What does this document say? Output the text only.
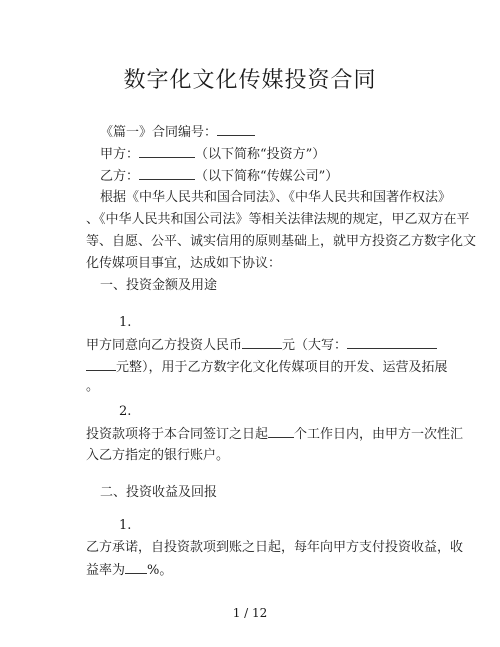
数字化文化传媒投资合同

《篇一》合同编号：

甲方：	（以下简称“投资方”）

乙方：	（以下简称“传媒公司”）

根据《中华人民共和国合同法》、《中华人民共和国著作权法》

、《中华人民共和国公司法》等相关法律法规的规定，甲乙双方在平

等、自愿、公平、诚实信用的原则基础上，就甲方投资乙方数字化文

化传媒项目事宜，达成如下协议：

一、投资金额及用途

1.

甲方同意向乙方投资人民币	元（大写：

元整），用于乙方数字化文化传媒项目的开发、运营及拓展

。

2.

投资款项将于本合同签订之日起 个工作日内，由甲方一次性汇

入乙方指定的银行账户。

二、投资收益及回报

1.

乙方承诺，自投资款项到账之日起，每年向甲方支付投资收益，收

益率为 %。

1 / 12
